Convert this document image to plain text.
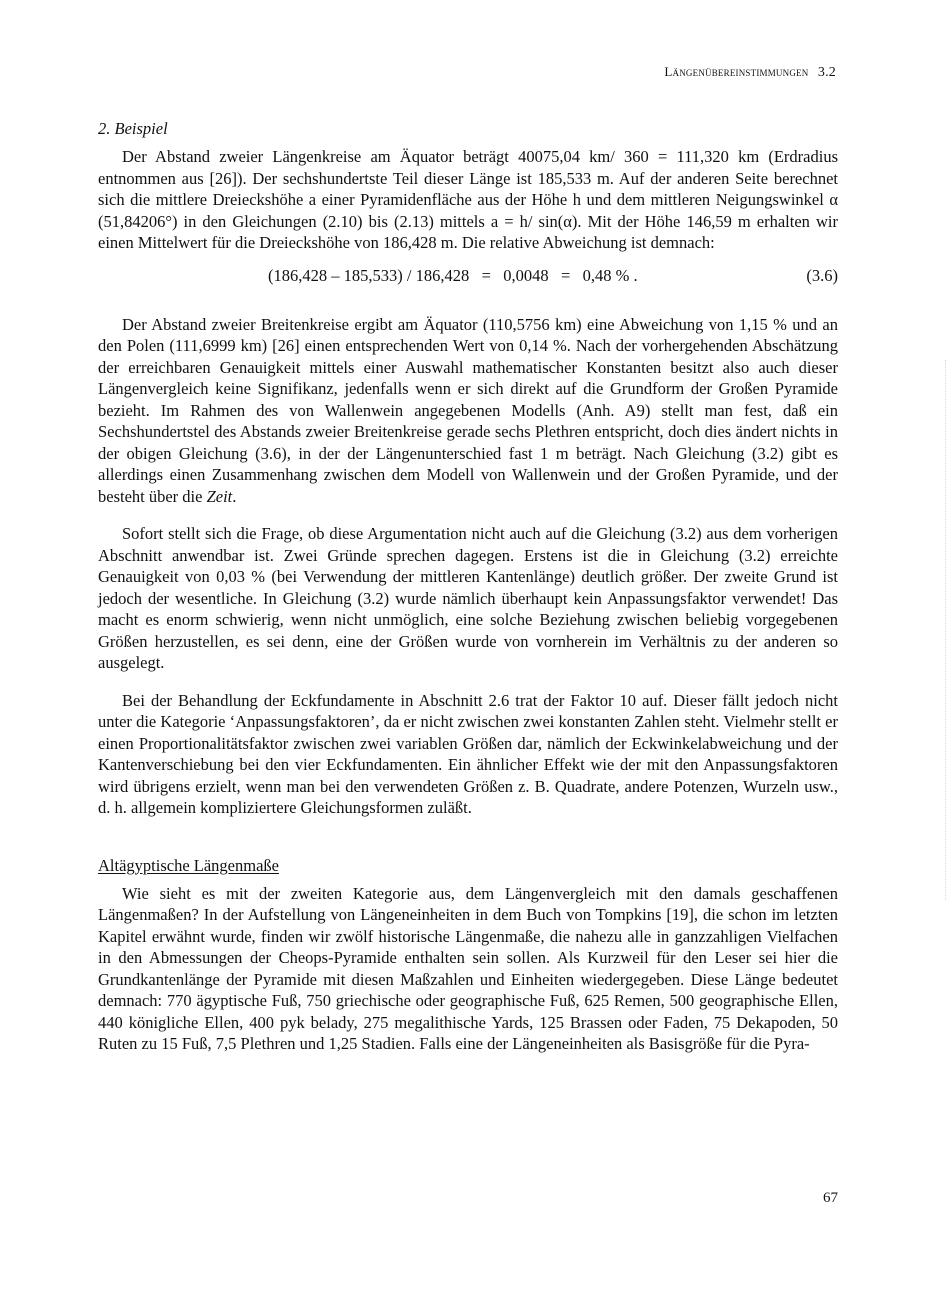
Längenübereinstimmungen 3.2
2. Beispiel

Der Abstand zweier Längenkreise am Äquator beträgt 40075,04 km/ 360 = 111,320 km (Erdradius entnommen aus [26]). Der sechshundertste Teil dieser Länge ist 185,533 m. Auf der anderen Seite berechnet sich die mittlere Dreieckshöhe a einer Pyramidenfläche aus der Höhe h und dem mittleren Neigungswinkel α (51,84206°) in den Gleichungen (2.10) bis (2.13) mittels a = h/ sin(α). Mit der Höhe 146,59 m erhalten wir einen Mittelwert für die Dreieckshöhe von 186,428 m. Die relative Abweichung ist demnach:

(186,428 – 185,533) / 186,428   =   0,0048   =   0,48 % .	(3.6)

Der Abstand zweier Breitenkreise ergibt am Äquator (110,5756 km) eine Abweichung von 1,15 % und an den Polen (111,6999 km) [26] einen entsprechenden Wert von 0,14 %. Nach der vorhergehenden Abschätzung der erreichbaren Genauigkeit mittels einer Auswahl mathematischer Konstanten besitzt also auch dieser Längenvergleich keine Signifikanz, jedenfalls wenn er sich direkt auf die Grundform der Großen Pyramide bezieht. Im Rahmen des von Wallenwein angegebenen Modells (Anh. A9) stellt man fest, daß ein Sechshundertstel des Abstands zweier Breitenkreise gerade sechs Plethren entspricht, doch dies ändert nichts in der obigen Gleichung (3.6), in der der Längenunterschied fast 1 m beträgt. Nach Gleichung (3.2) gibt es allerdings einen Zusammenhang zwischen dem Modell von Wallenwein und der Großen Pyramide, und der besteht über die Zeit.

Sofort stellt sich die Frage, ob diese Argumentation nicht auch auf die Gleichung (3.2) aus dem vorherigen Abschnitt anwendbar ist. Zwei Gründe sprechen dagegen. Erstens ist die in Gleichung (3.2) erreichte Genauigkeit von 0,03 % (bei Verwendung der mittleren Kantenlänge) deutlich größer. Der zweite Grund ist jedoch der wesentliche. In Gleichung (3.2) wurde nämlich überhaupt kein Anpassungsfaktor verwendet! Das macht es enorm schwierig, wenn nicht unmöglich, eine solche Beziehung zwischen beliebig vorgegebenen Größen herzustellen, es sei denn, eine der Größen wurde von vornherein im Verhältnis zu der anderen so ausgelegt.

Bei der Behandlung der Eckfundamente in Abschnitt 2.6 trat der Faktor 10 auf. Dieser fällt jedoch nicht unter die Kategorie ‘Anpassungsfaktoren’, da er nicht zwischen zwei konstanten Zahlen steht. Vielmehr stellt er einen Proportionalitätsfaktor zwischen zwei variablen Größen dar, nämlich der Eckwinkelabweichung und der Kantenverschiebung bei den vier Eckfundamenten. Ein ähnlicher Effekt wie der mit den Anpassungsfaktoren wird übrigens erzielt, wenn man bei den verwendeten Größen z. B. Quadrate, andere Potenzen, Wurzeln usw., d. h. allgemein kompliziertere Gleichungsformen zuläßt.

Altägyptische Längenmaße

Wie sieht es mit der zweiten Kategorie aus, dem Längenvergleich mit den damals geschaffenen Längenmaßen? In der Aufstellung von Längeneinheiten in dem Buch von Tompkins [19], die schon im letzten Kapitel erwähnt wurde, finden wir zwölf historische Längenmaße, die nahezu alle in ganzzahligen Vielfachen in den Abmessungen der Cheops-Pyramide enthalten sein sollen. Als Kurzweil für den Leser sei hier die Grundkantenlänge der Pyramide mit diesen Maßzahlen und Einheiten wiedergegeben. Diese Länge bedeutet demnach: 770 ägyptische Fuß, 750 griechische oder geographische Fuß, 625 Remen, 500 geographische Ellen, 440 königliche Ellen, 400 pyk belady, 275 megalithische Yards, 125 Brassen oder Faden, 75 Dekapoden, 50 Ruten zu 15 Fuß, 7,5 Plethren und 1,25 Stadien. Falls eine der Längeneinheiten als Basisgröße für die Pyra-

67
